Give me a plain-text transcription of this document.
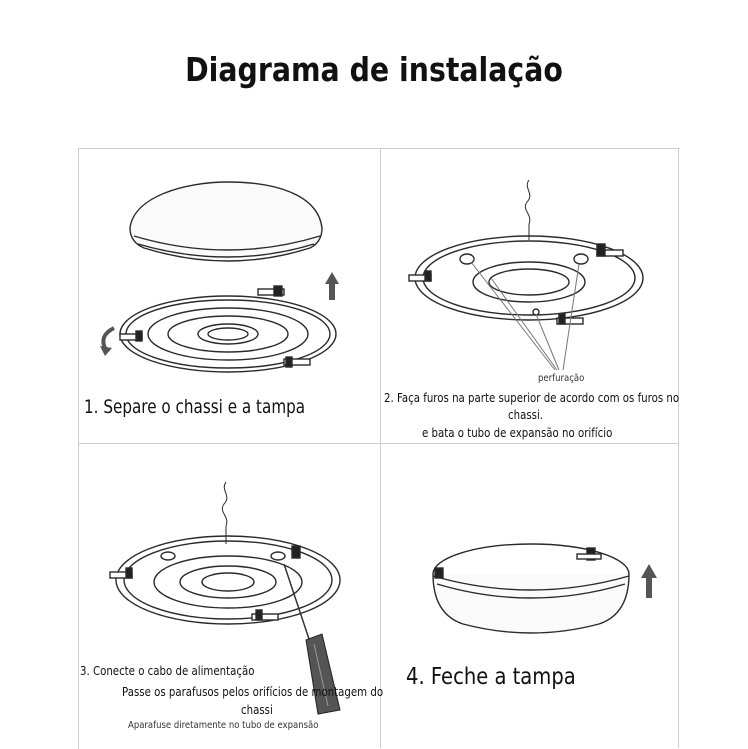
Diagrama de instalação
1. Separe o chassi e a tampa
perfuração
2. Faça furos na parte superior de acordo com os furos no
chassi.
e bata o tubo de expansão no orifício
3. Conecte o cabo de alimentação
Passe os parafusos pelos orifícios de montagem do
chassi
Aparafuse diretamente no tubo de expansão
4. Feche a tampa
